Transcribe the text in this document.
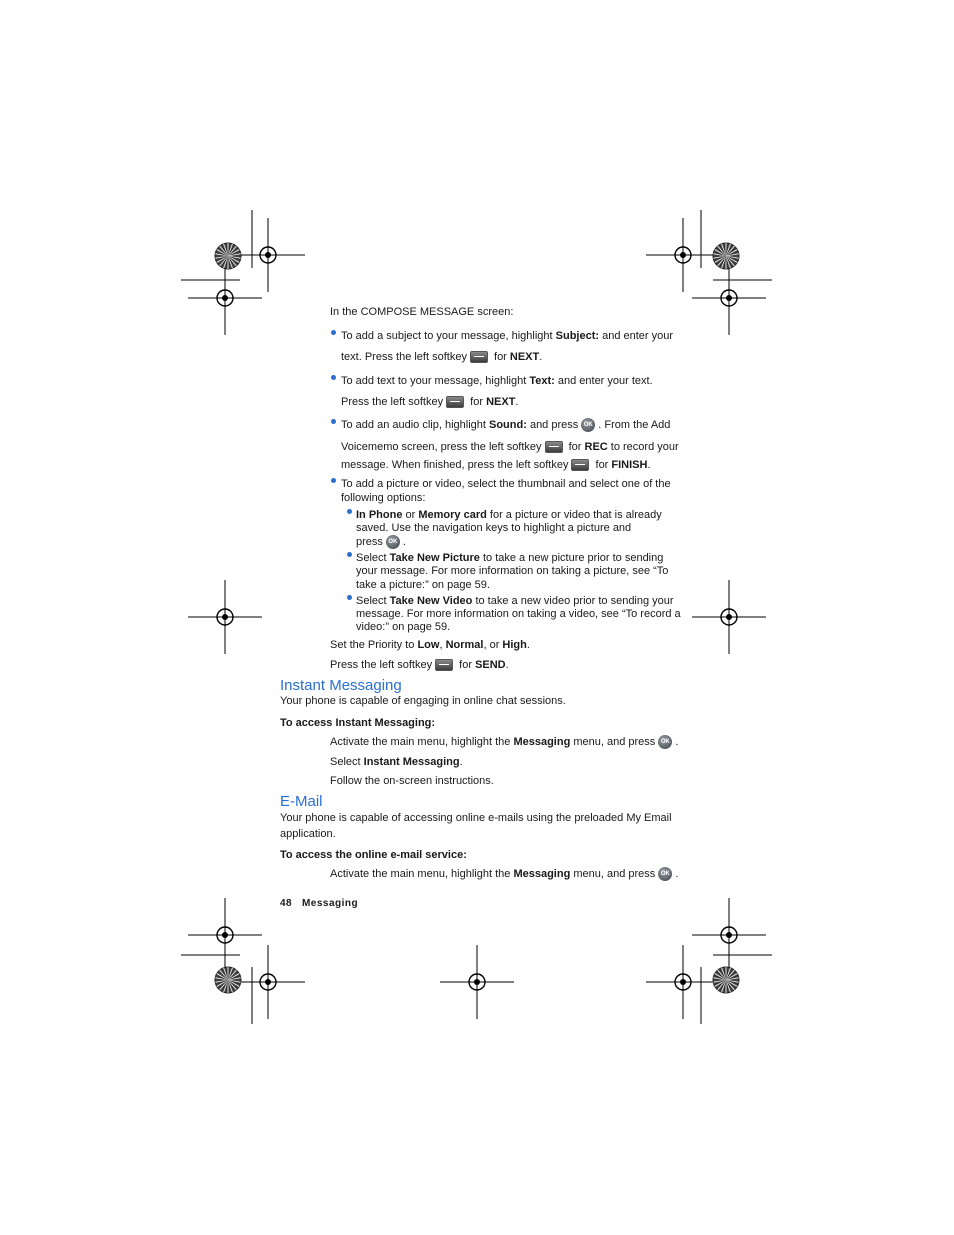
In the COMPOSE MESSAGE screen:
To add a subject to your message, highlight Subject: and enter your
text. Press the left softkey for NEXT.
To add text to your message, highlight Text: and enter your text.
Press the left softkey for NEXT.
To add an audio clip, highlight Sound: and press OK . From the Add
Voicememo screen, press the left softkey for REC to record your
message. When finished, press the left softkey for FINISH.
To add a picture or video, select the thumbnail and select one of the
following options:
In Phone or Memory card for a picture or video that is already
saved. Use the navigation keys to highlight a picture and
press OK .
Select Take New Picture to take a new picture prior to sending
your message. For more information on taking a picture, see “To
take a picture:” on page 59.
Select Take New Video to take a new video prior to sending your
message. For more information on taking a video, see “To record a
video:” on page 59.
Set the Priority to Low, Normal, or High.
Press the left softkey for SEND.
Instant Messaging
Your phone is capable of engaging in online chat sessions.
To access Instant Messaging:
Activate the main menu, highlight the Messaging menu, and press OK .
Select Instant Messaging.
Follow the on-screen instructions.
E-Mail
Your phone is capable of accessing online e-mails using the preloaded My Email
application.
To access the online e-mail service:
Activate the main menu, highlight the Messaging menu, and press OK .
48 Messaging
